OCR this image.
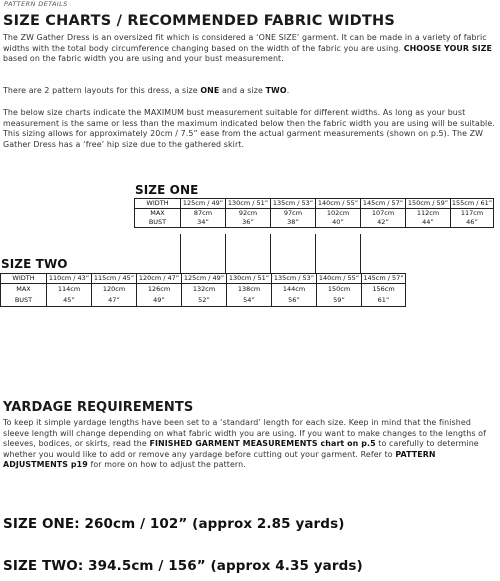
PATTERN DETAILS
SIZE CHARTS / RECOMMENDED FABRIC WIDTHS
The ZW Gather Dress is an oversized fit which is considered a ‘ONE SIZE’ garment. It can be made in a variety of fabric widths with the total body circumference changing based on the width of the fabric you are using. CHOOSE YOUR SIZE based on the fabric width you are using and your bust measurement.
There are 2 pattern layouts for this dress, a size ONE and a size TWO.
The below size charts indicate the MAXIMUM bust measurement suitable for different widths. As long as your bust measurement is the same or less than the maximum indicated below then the fabric width you are using will be suitable. This sizing allows for approximately 20cm / 7.5” ease from the actual garment measurements (shown on p.5). The ZW Gather Dress has a ‘free’ hip size due to the gathered skirt.
SIZE ONE
WIDTH	125cm / 49”	130cm / 51”	135cm / 53”	140cm / 55”	145cm / 57”	150cm / 59”	155cm / 61”
MAX	87cm	92cm	97cm	102cm	107cm	112cm	117cm
BUST	34”	36”	38”	40”	42”	44”	46”
SIZE TWO
WIDTH	110cm / 43”	115cm / 45”	120cm / 47”	125cm / 49”	130cm / 51”	135cm / 53”	140cm / 55”	145cm / 57”
MAX	114cm	120cm	126cm	132cm	138cm	144cm	150cm	156cm
BUST	45”	47”	49”	52”	54”	56”	59”	61”
YARDAGE REQUIREMENTS
To keep it simple yardage lengths have been set to a ‘standard’ length for each size. Keep in mind that the finished sleeve length will change depending on what fabric width you are using. If you want to make changes to the lengths of sleeves, bodices, or skirts, read the FINISHED GARMENT MEASUREMENTS chart on p.5 to carefully to determine whether you would like to add or remove any yardage before cutting out your garment. Refer to PATTERN ADJUSTMENTS p19 for more on how to adjust the pattern.
SIZE ONE: 260cm / 102” (approx 2.85 yards)
SIZE TWO: 394.5cm / 156” (approx 4.35 yards)
